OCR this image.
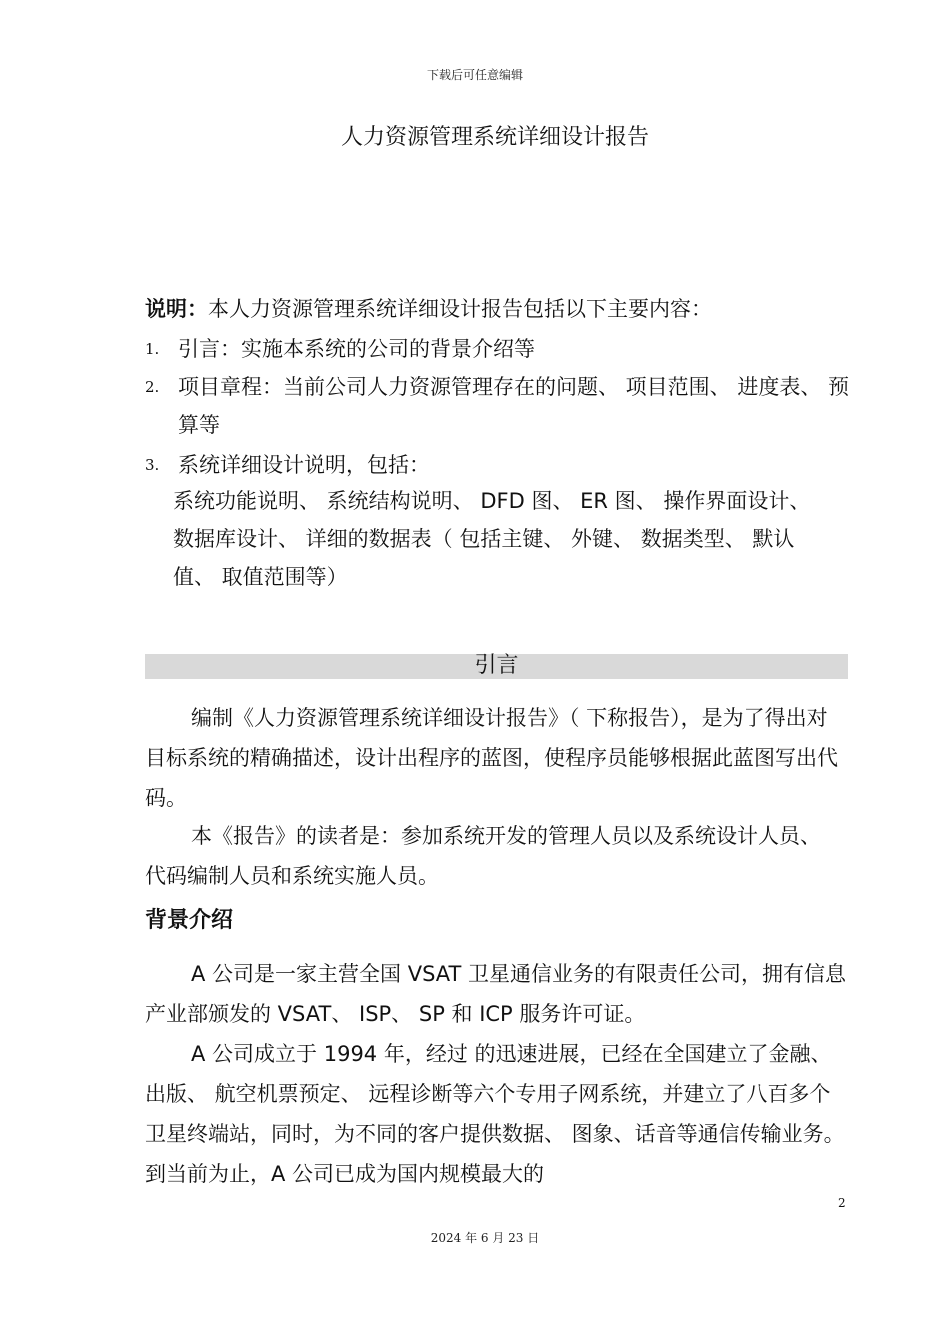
下载后可任意编辑
人力资源管理系统详细设计报告
说明：本人力资源管理系统详细设计报告包括以下主要内容：
1. 引言：实施本系统的公司的背景介绍等
2. 项目章程：当前公司人力资源管理存在的问题、 项目范围、 进度表、 预算等
3. 系统详细设计说明，包括：
系统功能说明、 系统结构说明、 DFD 图、 ER 图、 操作界面设计、 数据库设计、 详细的数据表（ 包括主键、 外键、 数据类型、 默认值、 取值范围等）
引言
编制《人力资源管理系统详细设计报告》（ 下称报告），是为了得出对目标系统的精确描述，设计出程序的蓝图，使程序员能够根据此蓝图写出代码。
本《报告》的读者是：参加系统开发的管理人员以及系统设计人员、 代码编制人员和系统实施人员。
背景介绍
A 公司是一家主营全国 VSAT 卫星通信业务的有限责任公司，拥有信息产业部颁发的 VSAT、 ISP、 SP 和 ICP 服务许可证。
A 公司成立于 1994 年，经过 的迅速进展，已经在全国建立了金融、 出版、 航空机票预定、 远程诊断等六个专用子网系统，并建立了八百多个卫星终端站，同时，为不同的客户提供数据、 图象、话音等通信传输业务。到当前为止，A 公司已成为国内规模最大的
2
2024 年 6 月 23 日
